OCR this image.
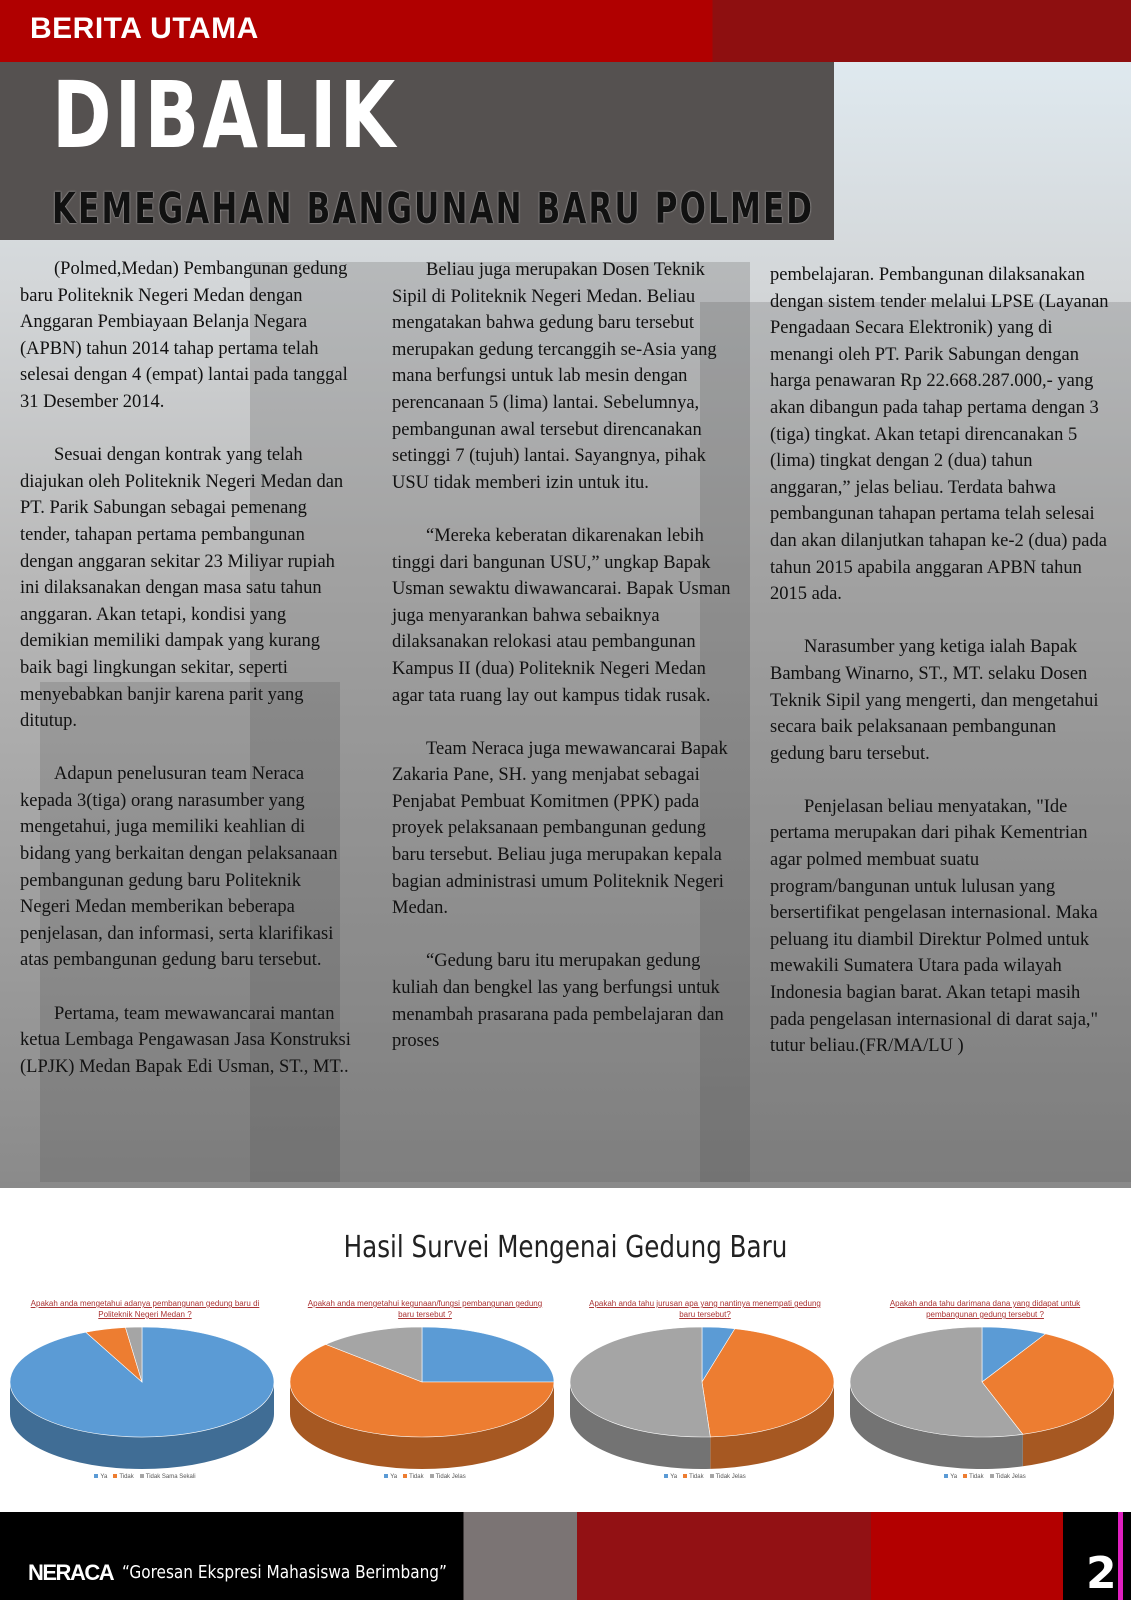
BERITA UTAMA
DIBALIK
KEMEGAHAN BANGUNAN BARU POLMED

(Polmed,Medan) Pembangunan gedung baru Politeknik Negeri Medan dengan Anggaran Pembiayaan Belanja Negara (APBN) tahun 2014 tahap pertama telah selesai dengan 4 (empat) lantai pada tanggal 31 Desember 2014.

Sesuai dengan kontrak yang telah diajukan oleh Politeknik Negeri Medan dan PT. Parik Sabungan sebagai pemenang tender, tahapan pertama pembangunan dengan anggaran sekitar 23 Miliyar rupiah ini dilaksanakan dengan masa satu tahun anggaran. Akan tetapi, kondisi yang demikian memiliki dampak yang kurang baik bagi lingkungan sekitar, seperti menyebabkan banjir karena parit yang ditutup.

Adapun penelusuran team Neraca kepada 3(tiga) orang narasumber yang mengetahui, juga memiliki keahlian di bidang yang berkaitan dengan pelaksanaan pembangunan gedung baru Politeknik Negeri Medan memberikan beberapa penjelasan, dan informasi, serta klarifikasi atas pembangunan gedung baru tersebut.

Pertama, team mewawancarai mantan ketua Lembaga Pengawasan Jasa Konstruksi (LPJK) Medan Bapak Edi Usman, ST., MT..

Beliau juga merupakan Dosen Teknik Sipil di Politeknik Negeri Medan. Beliau mengatakan bahwa gedung baru tersebut merupakan gedung tercanggih se-Asia yang mana berfungsi untuk lab mesin dengan perencanaan 5 (lima) lantai. Sebelumnya, pembangunan awal tersebut direncanakan setinggi 7 (tujuh) lantai. Sayangnya, pihak USU tidak memberi izin untuk itu.

“Mereka keberatan dikarenakan lebih tinggi dari bangunan USU,” ungkap Bapak Usman sewaktu diwawancarai. Bapak Usman juga menyarankan bahwa sebaiknya dilaksanakan relokasi atau pembangunan Kampus II (dua) Politeknik Negeri Medan agar tata ruang lay out kampus tidak rusak.

Team Neraca juga mewawancarai Bapak Zakaria Pane, SH. yang menjabat sebagai Penjabat Pembuat Komitmen (PPK) pada proyek pelaksanaan pembangunan gedung baru tersebut. Beliau juga merupakan kepala bagian administrasi umum Politeknik Negeri Medan.

“Gedung baru itu merupakan gedung kuliah dan bengkel las yang berfungsi untuk menambah prasarana pada pembelajaran dan proses

pembelajaran. Pembangunan dilaksanakan dengan sistem tender melalui LPSE (Layanan Pengadaan Secara Elektronik) yang di menangi oleh PT. Parik Sabungan dengan harga penawaran Rp 22.668.287.000,- yang akan dibangun pada tahap pertama dengan 3 (tiga) tingkat. Akan tetapi direncanakan 5 (lima) tingkat dengan 2 (dua) tahun anggaran,” jelas beliau. Terdata bahwa pembangunan tahapan pertama telah selesai dan akan dilanjutkan tahapan ke-2 (dua) pada tahun 2015 apabila anggaran APBN tahun 2015 ada.

Narasumber yang ketiga ialah Bapak Bambang Winarno, ST., MT. selaku Dosen Teknik Sipil yang mengerti, dan mengetahui secara baik pelaksanaan pembangunan gedung baru tersebut.

Penjelasan beliau menyatakan, "Ide pertama merupakan dari pihak Kementrian agar polmed membuat suatu program/bangunan untuk lulusan yang bersertifikat pengelasan internasional. Maka peluang itu diambil Direktur Polmed untuk mewakili Sumatera Utara pada wilayah Indonesia bagian barat. Akan tetapi masih pada pengelasan internasional di darat saja," tutur beliau.(FR/MA/LU )

Hasil Survei Mengenai Gedung Baru
Apakah anda mengetahui adanya pembangunan gedung baru di Politeknik Negeri Medan ?
Ya Tidak Tidak Sama Sekali
Apakah anda mengetahui kegunaan/fungsi pembangunan gedung baru tersebut ?
Ya Tidak Tidak Jelas
Apakah anda tahu jurusan apa yang nantinya menempati gedung baru tersebut?
Ya Tidak Tidak Jelas
Apakah anda tahu darimana dana yang didapat untuk pembangunan gedung tersebut ?
Ya Tidak Tidak Jelas
NERACA “Goresan Ekspresi Mahasiswa Berimbang”	2
